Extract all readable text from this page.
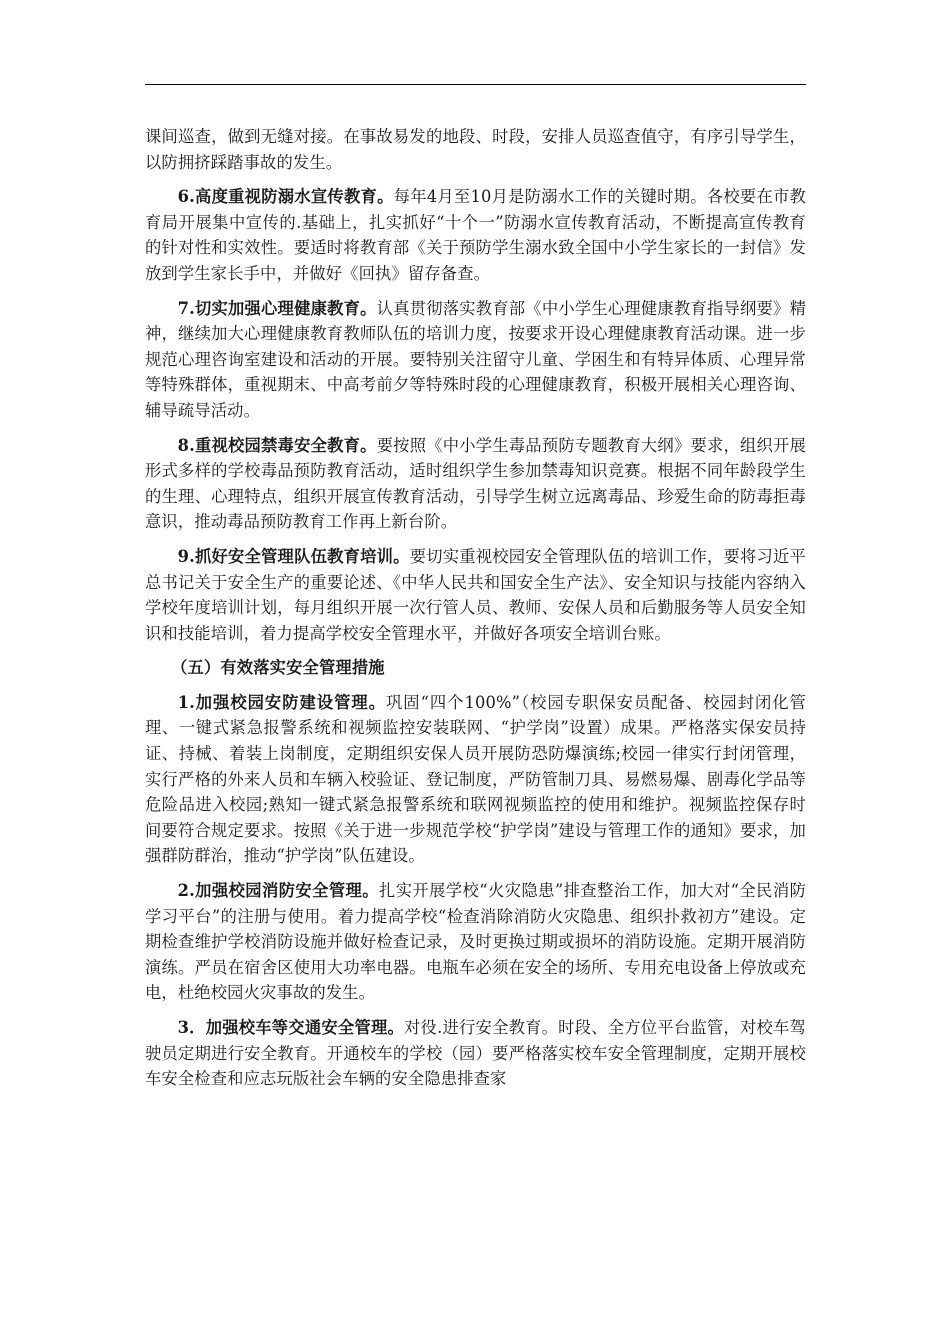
课间巡查，做到无缝对接。在事故易发的地段、时段，安排人员巡查值守，有序引导学生，以防拥挤踩踏事故的发生。

6.高度重视防溺水宣传教育。每年4月至10月是防溺水工作的关键时期。各校要在市教育局开展集中宣传的.基础上，扎实抓好“十个一”防溺水宣传教育活动，不断提高宣传教育的针对性和实效性。要适时将教育部《关于预防学生溺水致全国中小学生家长的一封信》发放到学生家长手中，并做好《回执》留存备查。

7.切实加强心理健康教育。认真贯彻落实教育部《中小学生心理健康教育指导纲要》精神，继续加大心理健康教育教师队伍的培训力度，按要求开设心理健康教育活动课。进一步规范心理咨询室建设和活动的开展。要特别关注留守儿童、学困生和有特异体质、心理异常等特殊群体，重视期末、中高考前夕等特殊时段的心理健康教育，积极开展相关心理咨询、辅导疏导活动。

8.重视校园禁毒安全教育。要按照《中小学生毒品预防专题教育大纲》要求，组织开展形式多样的学校毒品预防教育活动，适时组织学生参加禁毒知识竞赛。根据不同年龄段学生的生理、心理特点，组织开展宣传教育活动，引导学生树立远离毒品、珍爱生命的防毒拒毒意识，推动毒品预防教育工作再上新台阶。

9.抓好安全管理队伍教育培训。要切实重视校园安全管理队伍的培训工作，要将习近平总书记关于安全生产的重要论述、《中华人民共和国安全生产法》、安全知识与技能内容纳入学校年度培训计划，每月组织开展一次行管人员、教师、安保人员和后勤服务等人员安全知识和技能培训，着力提高学校安全管理水平，并做好各项安全培训台账。

（五）有效落实安全管理措施

1.加强校园安防建设管理。巩固“四个100%”（校园专职保安员配备、校园封闭化管理、一键式紧急报警系统和视频监控安装联网、“护学岗”设置）成果。严格落实保安员持证、持械、着装上岗制度，定期组织安保人员开展防恐防爆演练;校园一律实行封闭管理，实行严格的外来人员和车辆入校验证、登记制度，严防管制刀具、易燃易爆、剧毒化学品等危险品进入校园;熟知一键式紧急报警系统和联网视频监控的使用和维护。视频监控保存时间要符合规定要求。按照《关于进一步规范学校“护学岗”建设与管理工作的通知》要求，加强群防群治，推动“护学岗”队伍建设。

2.加强校园消防安全管理。扎实开展学校“火灾隐患”排查整治工作，加大对“全民消防学习平台”的注册与使用。着力提高学校“检查消除消防火灾隐患、组织扑救初方”建设。定期检查维护学校消防设施并做好检查记录，及时更换过期或损坏的消防设施。定期开展消防演练。严员在宿舍区使用大功率电器。电瓶车必须在安全的场所、专用充电设备上停放或充电，杜绝校园火灾事故的发生。

3．加强校车等交通安全管理。对役.进行安全教育。时段、全方位平台监管，对校车驾驶员定期进行安全教育。开通校车的学校（园）要严格落实校车安全管理制度，定期开展校车安全检查和应志玩版社会车辆的安全隐患排查家
